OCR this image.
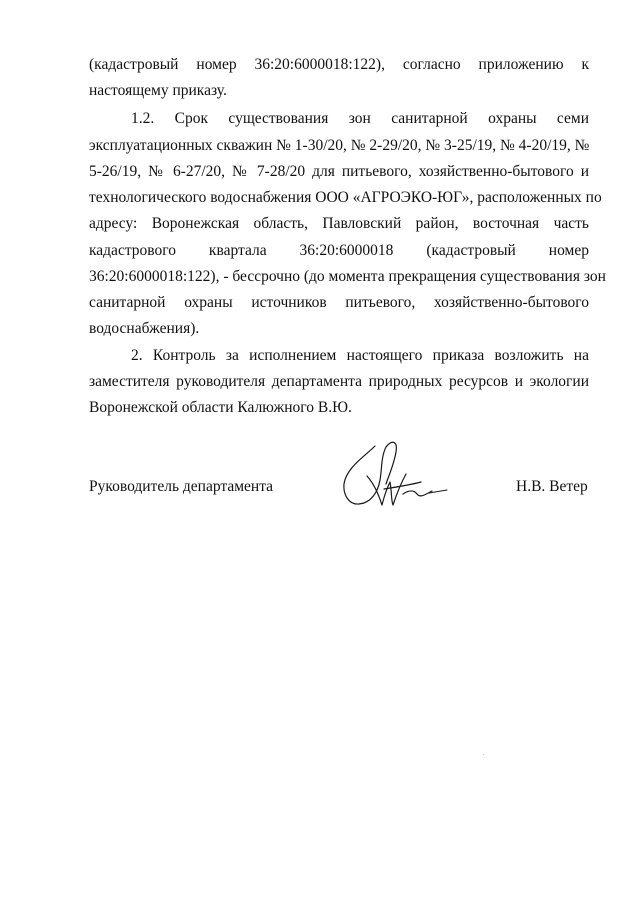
(кадастровый номер 36:20:6000018:122), согласно приложению к
настоящему приказу.
1.2. Срок существования зон санитарной охраны семи
эксплуатационных скважин № 1-30/20, № 2-29/20, № 3-25/19, № 4-20/19, №
5-26/19, № 6-27/20, № 7-28/20 для питьевого, хозяйственно-бытового и
технологического водоснабжения ООО «АГРОЭКО-ЮГ», расположенных по
адресу: Воронежская область, Павловский район, восточная часть
кадастрового квартала 36:20:6000018 (кадастровый номер
36:20:6000018:122), - бессрочно (до момента прекращения существования зон
санитарной охраны источников питьевого, хозяйственно-бытового
водоснабжения).
2. Контроль за исполнением настоящего приказа возложить на
заместителя руководителя департамента природных ресурсов и экологии
Воронежской области Калюжного В.Ю.
Руководитель департамента	Н.В. Ветер
